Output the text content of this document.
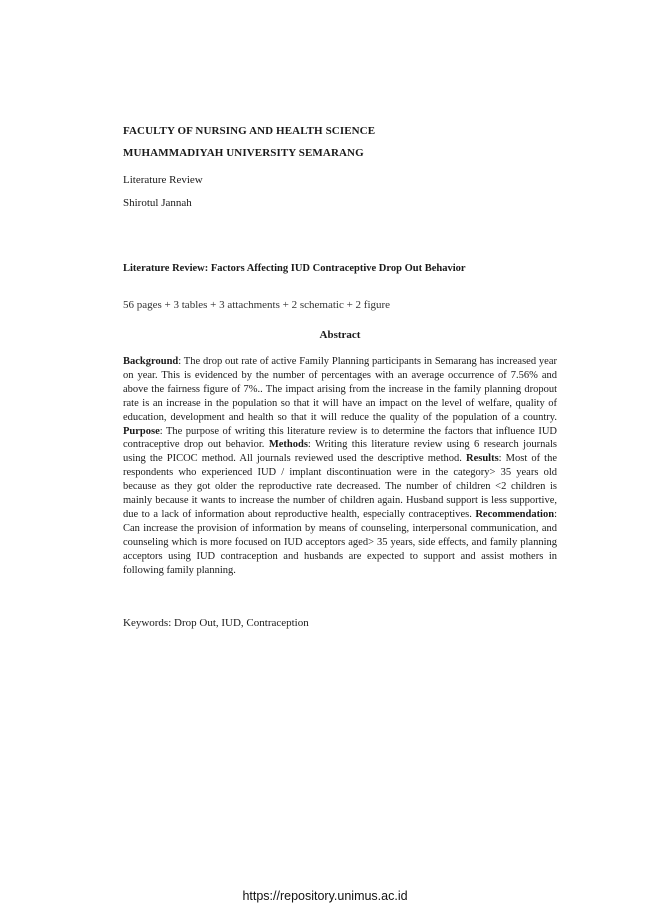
FACULTY OF NURSING AND HEALTH SCIENCE
MUHAMMADIYAH UNIVERSITY SEMARANG
Literature Review
Shirotul Jannah
Literature Review: Factors Affecting IUD Contraceptive Drop Out Behavior
56 pages + 3 tables + 3 attachments + 2 schematic + 2 figure
Abstract
Background: The drop out rate of active Family Planning participants in Semarang has increased year on year. This is evidenced by the number of percentages with an average occurrence of 7.56% and above the fairness figure of 7%.. The impact arising from the increase in the family planning dropout rate is an increase in the population so that it will have an impact on the level of welfare, quality of education, development and health so that it will reduce the quality of the population of a country. Purpose: The purpose of writing this literature review is to determine the factors that influence IUD contraceptive drop out behavior. Methods: Writing this literature review using 6 research journals using the PICOC method. All journals reviewed used the descriptive method. Results: Most of the respondents who experienced IUD / implant discontinuation were in the category> 35 years old because as they got older the reproductive rate decreased. The number of children <2 children is mainly because it wants to increase the number of children again. Husband support is less supportive, due to a lack of information about reproductive health, especially contraceptives. Recommendation: Can increase the provision of information by means of counseling, interpersonal communication, and counseling which is more focused on IUD acceptors aged> 35 years, side effects, and family planning acceptors using IUD contraception and husbands are expected to support and assist mothers in following family planning.
Keywords: Drop Out, IUD, Contraception
https://repository.unimus.ac.id
